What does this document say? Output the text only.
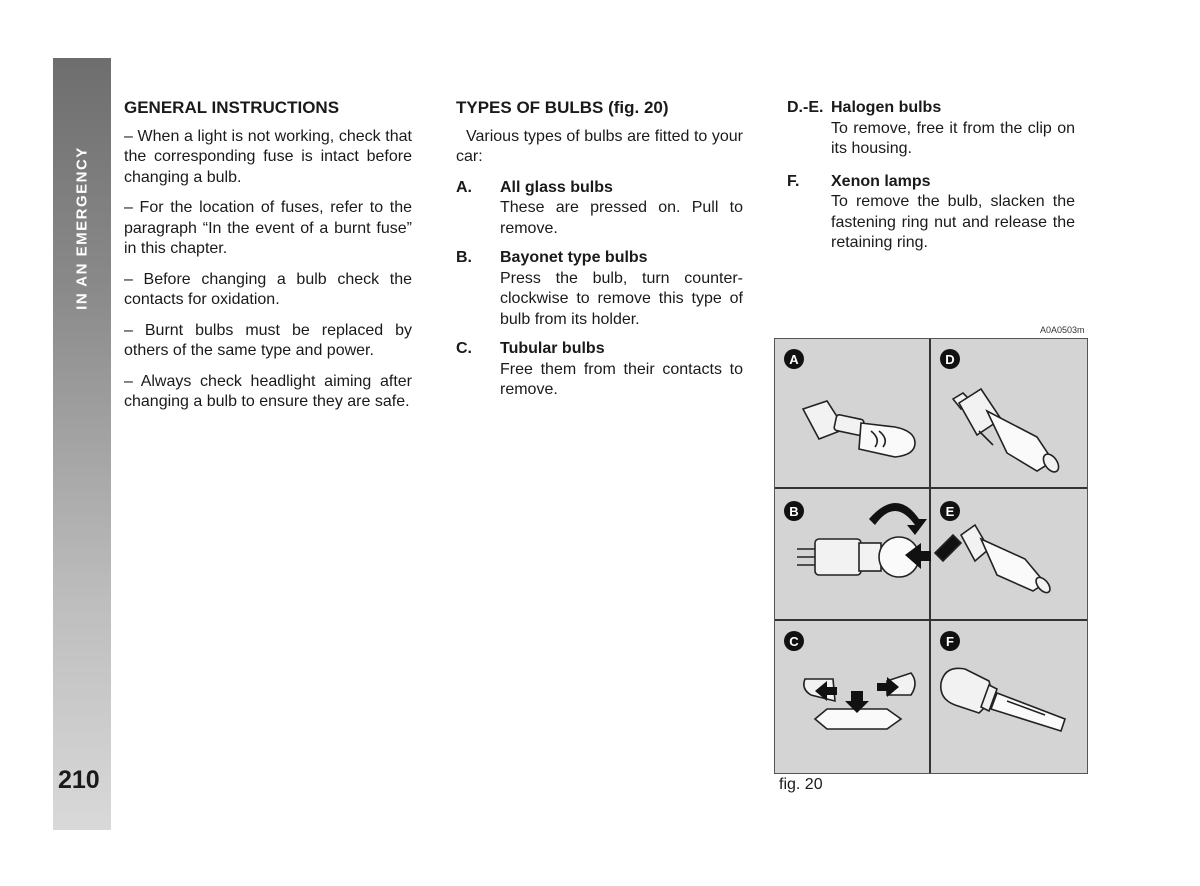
IN AN EMERGENCY
210
GENERAL INSTRUCTIONS

– When a light is not working, check that the corresponding fuse is intact before changing a bulb.

– For the location of fuses, refer to the paragraph “In the event of a burnt fuse” in this chapter.

– Before changing a bulb check the contacts for oxidation.

– Burnt bulbs must be replaced by others of the same type and power.

– Always check headlight aiming after changing a bulb to ensure they are safe.

TYPES OF BULBS (fig. 20)

Various types of bulbs are fitted to your car:

A. All glass bulbs
These are pressed on. Pull to remove.
B. Bayonet type bulbs
Press the bulb, turn counter-clockwise to remove this type of bulb from its holder.
C. Tubular bulbs
Free them from their contacts to remove.
D.-E. Halogen bulbs
To remove, free it from the clip on its housing.
F. Xenon lamps
To remove the bulb, slacken the fastening ring nut and release the retaining ring.
A0A0503m
A	D
B	E
C	F
fig. 20
